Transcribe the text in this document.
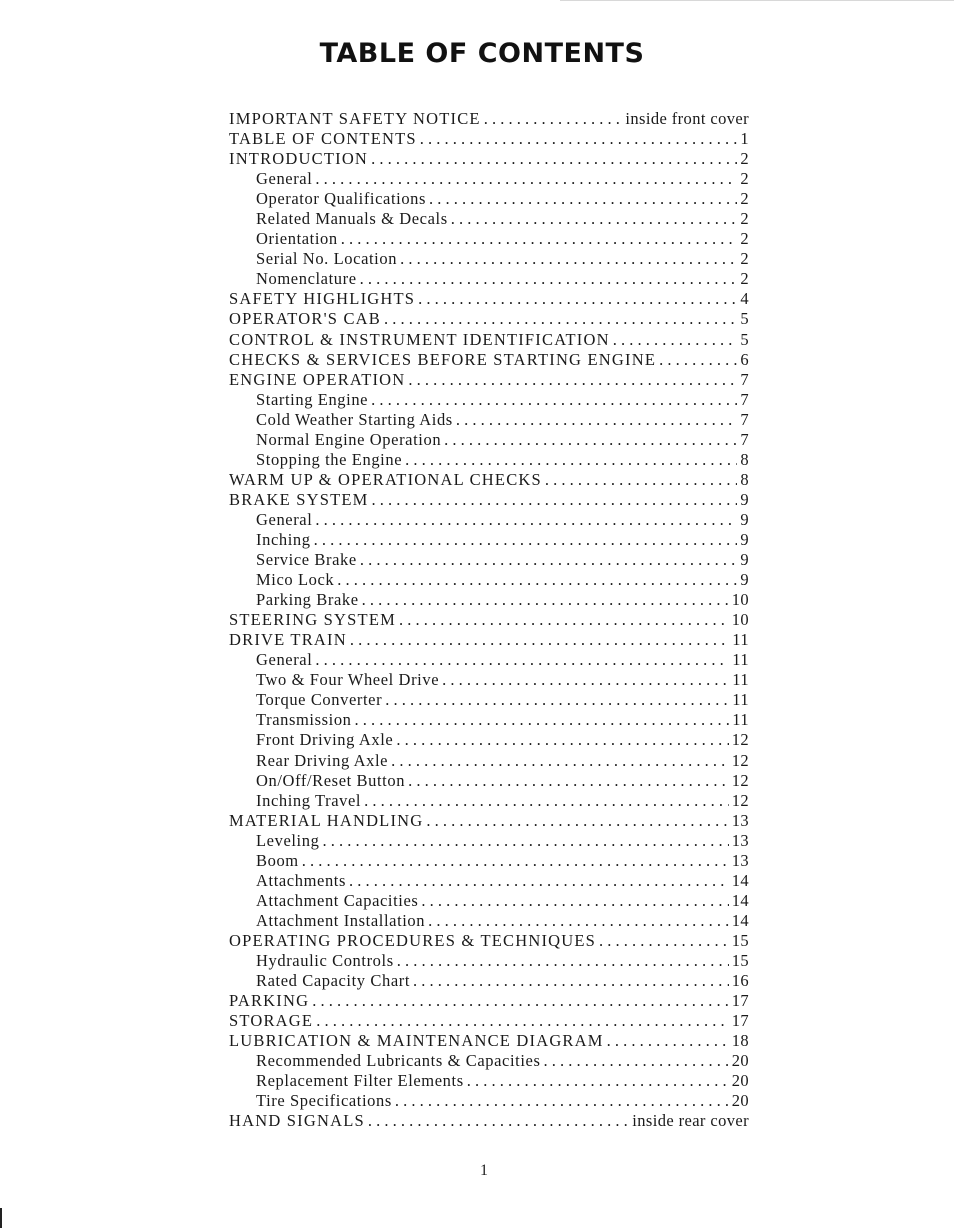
TABLE OF CONTENTS
IMPORTANT SAFETY NOTICE . . .	inside front cover
TABLE OF CONTENTS . . .	1
INTRODUCTION . . .	2
General . . .	2
Operator Qualifications . . .	2
Related Manuals & Decals . . .	2
Orientation . . .	2
Serial No. Location . . .	2
Nomenclature . . .	2
SAFETY HIGHLIGHTS . . .	4
OPERATOR'S CAB . . .	5
CONTROL & INSTRUMENT IDENTIFICATION . . .	5
CHECKS & SERVICES BEFORE STARTING ENGINE . . .	6
ENGINE OPERATION . . .	7
Starting Engine . . .	7
Cold Weather Starting Aids . . .	7
Normal Engine Operation . . .	7
Stopping the Engine . . .	8
WARM UP & OPERATIONAL CHECKS . . .	8
BRAKE SYSTEM . . .	9
General . . .	9
Inching . . .	9
Service Brake . . .	9
Mico Lock . . .	9
Parking Brake . . .	10
STEERING SYSTEM . . .	10
DRIVE TRAIN . . .	11
General . . .	11
Two & Four Wheel Drive . . .	11
Torque Converter . . .	11
Transmission . . .	11
Front Driving Axle . . .	12
Rear Driving Axle . . .	12
On/Off/Reset Button . . .	12
Inching Travel . . .	12
MATERIAL HANDLING . . .	13
Leveling . . .	13
Boom . . .	13
Attachments . . .	14
Attachment Capacities . . .	14
Attachment Installation . . .	14
OPERATING PROCEDURES & TECHNIQUES . . .	15
Hydraulic Controls . . .	15
Rated Capacity Chart . . .	16
PARKING . . .	17
STORAGE . . .	17
LUBRICATION & MAINTENANCE DIAGRAM . . .	18
Recommended Lubricants & Capacities . . .	20
Replacement Filter Elements . . .	20
Tire Specifications . . .	20
HAND SIGNALS . . .	inside rear cover
1
